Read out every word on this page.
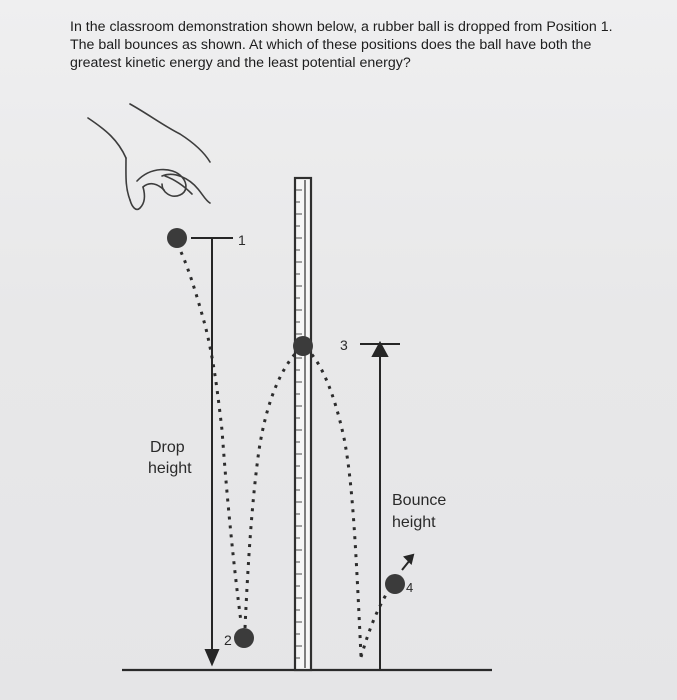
In the classroom demonstration shown below, a rubber ball is dropped from Position 1.
The ball bounces as shown. At which of these positions does the ball have both the
greatest kinetic energy and the least potential energy?
1
2
3
4
Drop
height
Bounce
height
